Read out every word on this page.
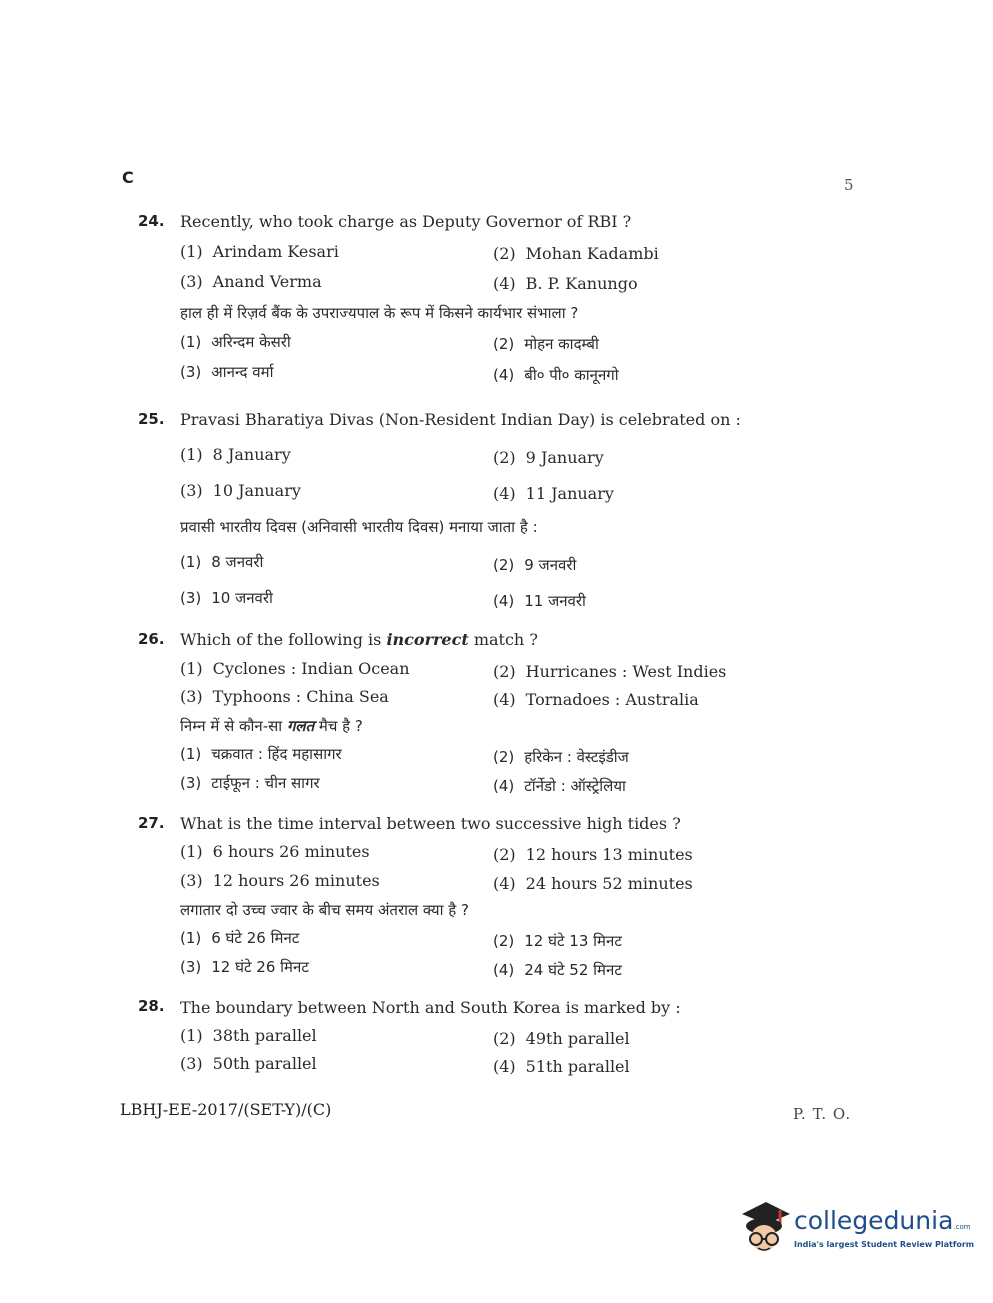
C	5
24. Recently, who took charge as Deputy Governor of RBI ?
(1) Arindam Kesari	(2) Mohan Kadambi
(3) Anand Verma	(4) B. P. Kanungo
हाल ही में रिज़र्व बैंक के उपराज्यपाल के रूप में किसने कार्यभार संभाला ?
(1) अरिन्दम केसरी	(2) मोहन कादम्बी
(3) आनन्द वर्मा	(4) बी० पी० कानूनगो
25. Pravasi Bharatiya Divas (Non-Resident Indian Day) is celebrated on :
(1) 8 January	(2) 9 January
(3) 10 January	(4) 11 January
प्रवासी भारतीय दिवस (अनिवासी भारतीय दिवस) मनाया जाता है :
(1) 8 जनवरी	(2) 9 जनवरी
(3) 10 जनवरी	(4) 11 जनवरी
26. Which of the following is incorrect match ?
(1) Cyclones : Indian Ocean	(2) Hurricanes : West Indies
(3) Typhoons : China Sea	(4) Tornadoes : Australia
निम्न में से कौन-सा गलत मैच है ?
(1) चक्रवात : हिंद महासागर	(2) हरिकेन : वेस्टइंडीज
(3) टाईफून : चीन सागर	(4) टॉर्नेडो : ऑस्ट्रेलिया
27. What is the time interval between two successive high tides ?
(1) 6 hours 26 minutes	(2) 12 hours 13 minutes
(3) 12 hours 26 minutes	(4) 24 hours 52 minutes
लगातार दो उच्च ज्वार के बीच समय अंतराल क्या है ?
(1) 6 घंटे 26 मिनट	(2) 12 घंटे 13 मिनट
(3) 12 घंटे 26 मिनट	(4) 24 घंटे 52 मिनट
28. The boundary between North and South Korea is marked by :
(1) 38th parallel	(2) 49th parallel
(3) 50th parallel	(4) 51th parallel
LBHJ-EE-2017/(SET-Y)/(C)	P. T. O.
collegedunia.com
India's largest Student Review Platform
